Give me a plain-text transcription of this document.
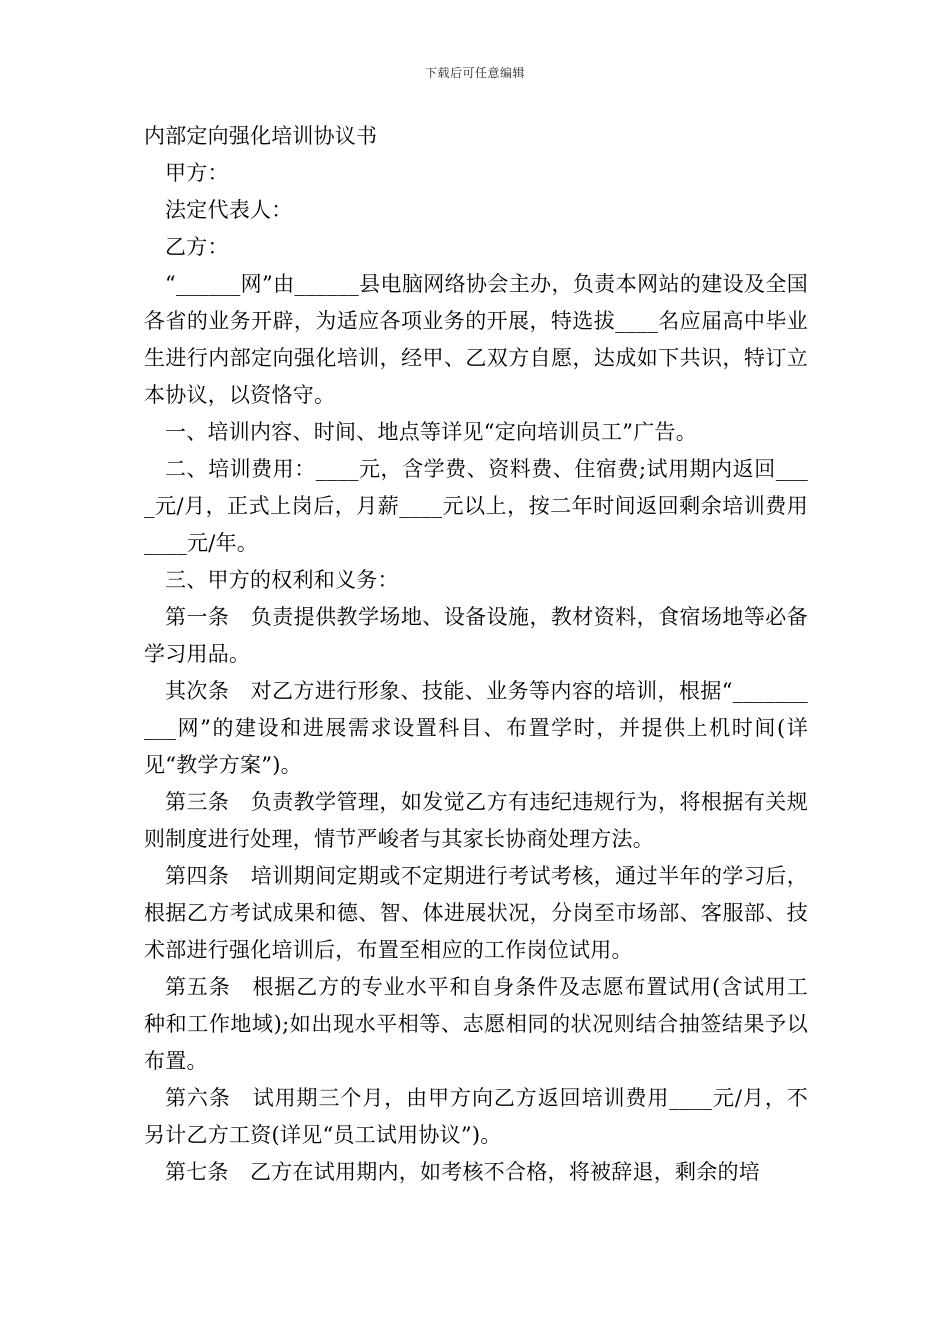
下载后可任意编辑
内部定向强化培训协议书

甲方：

法定代表人：

乙方：

“______网”由______县电脑网络协会主办，负责本网站的建设及全国各省的业务开辟，为适应各项业务的开展，特选拔____名应届高中毕业生进行内部定向强化培训，经甲、乙双方自愿，达成如下共识，特订立本协议，以资恪守。

一、培训内容、时间、地点等详见“定向培训员工”广告。

二、培训费用：____元，含学费、资料费、住宿费;试用期内返回____元/月，正式上岗后，月薪____元以上，按二年时间返回剩余培训费用____元/年。

三、甲方的权利和义务：

第一条　负责提供教学场地、设备设施，教材资料，食宿场地等必备学习用品。

其次条　对乙方进行形象、技能、业务等内容的培训，根据“__________网”的建设和进展需求设置科目、布置学时，并提供上机时间(详见“教学方案”)。

第三条　负责教学管理，如发觉乙方有违纪违规行为，将根据有关规则制度进行处理，情节严峻者与其家长协商处理方法。

第四条　培训期间定期或不定期进行考试考核，通过半年的学习后，根据乙方考试成果和德、智、体进展状况，分岗至市场部、客服部、技术部进行强化培训后，布置至相应的工作岗位试用。

第五条　根据乙方的专业水平和自身条件及志愿布置试用(含试用工种和工作地域);如出现水平相等、志愿相同的状况则结合抽签结果予以布置。

第六条　试用期三个月，由甲方向乙方返回培训费用____元/月，不另计乙方工资(详见“员工试用协议”)。

第七条　乙方在试用期内，如考核不合格，将被辞退，剩余的培
